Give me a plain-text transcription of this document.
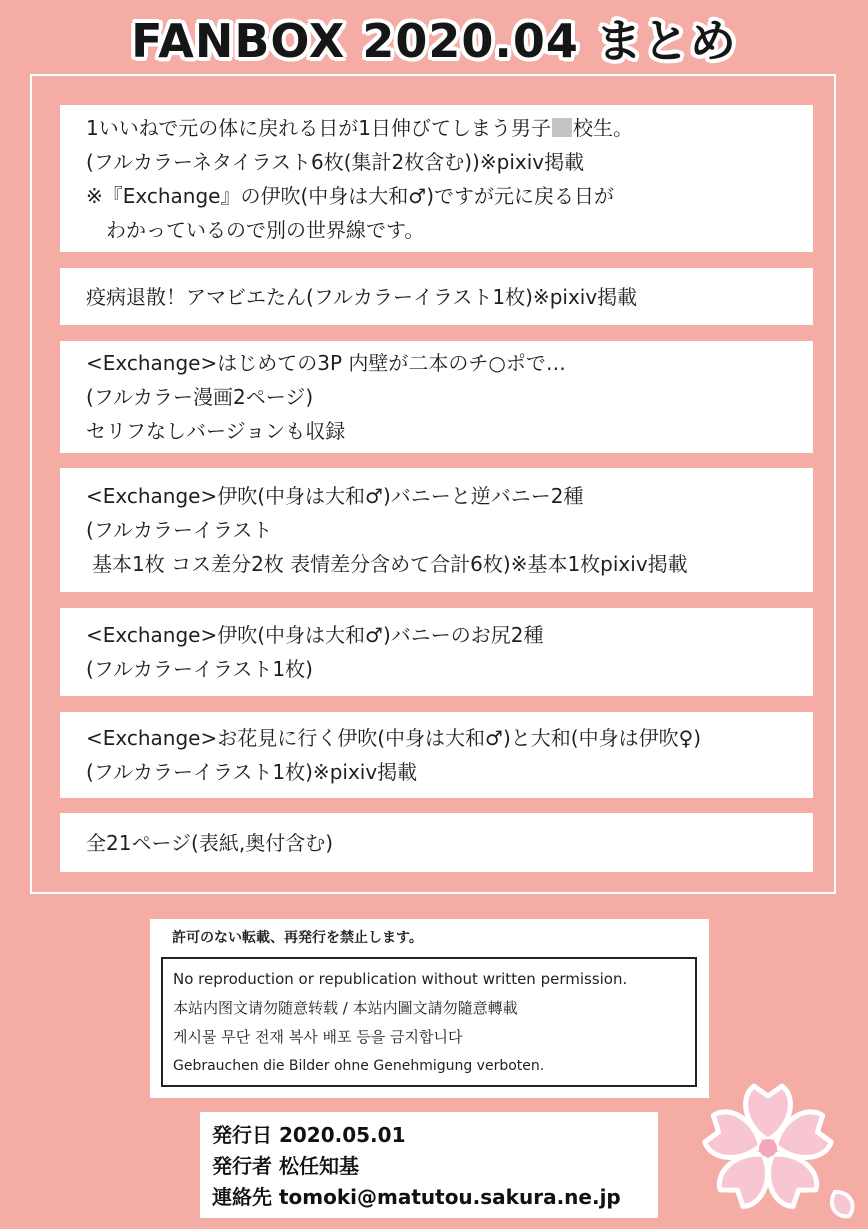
FANBOX 2020.04 まとめ
1いいねで元の体に戻れる日が1日伸びてしまう男子 校生。
(フルカラーネタイラスト6枚(集計2枚含む))※pixiv掲載
※『Exchange』の伊吹(中身は大和♂)ですが元に戻る日が
わかっているので別の世界線です。
疫病退散！アマビエたん(フルカラーイラスト1枚)※pixiv掲載
<Exchange>はじめての3P 内壁が二本のチ○ポで…
(フルカラー漫画2ページ)
セリフなしバージョンも収録
<Exchange>伊吹(中身は大和♂)バニーと逆バニー2種
(フルカラーイラスト
基本1枚 コス差分2枚 表情差分含めて合計6枚)※基本1枚pixiv掲載
<Exchange>伊吹(中身は大和♂)バニーのお尻2種
(フルカラーイラスト1枚)
<Exchange>お花見に行く伊吹(中身は大和♂)と大和(中身は伊吹♀)
(フルカラーイラスト1枚)※pixiv掲載
全21ページ(表紙,奥付含む)
許可のない転載、再発行を禁止します。
No reproduction or republication without written permission.
本站内图文请勿随意转载 / 本站内圖文請勿隨意轉載
게시물 무단 전재 복사 배포 등을 금지합니다
Gebrauchen die Bilder ohne Genehmigung verboten.
発行日 2020.05.01
発行者 松任知基
連絡先 tomoki@matutou.sakura.ne.jp
